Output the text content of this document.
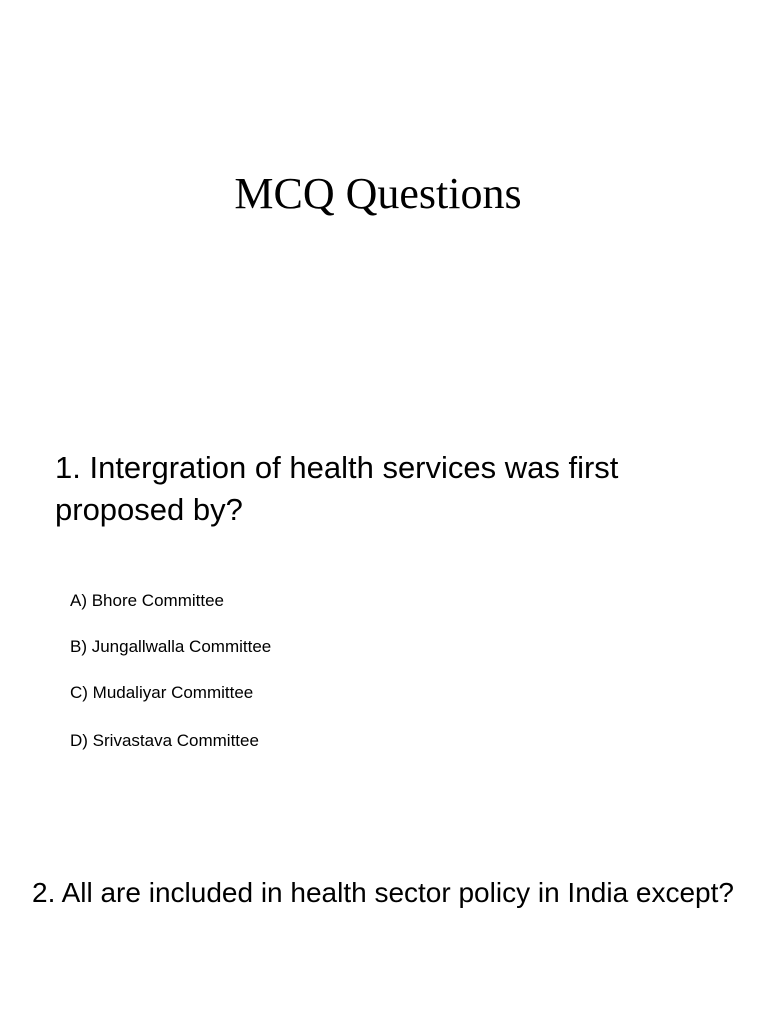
MCQ Questions

1. Intergration of health services was first proposed by?

A) Bhore Committee
B) Jungallwalla Committee
C) Mudaliyar Committee
D) Srivastava Committee

2. All are included in health sector policy in India except?
